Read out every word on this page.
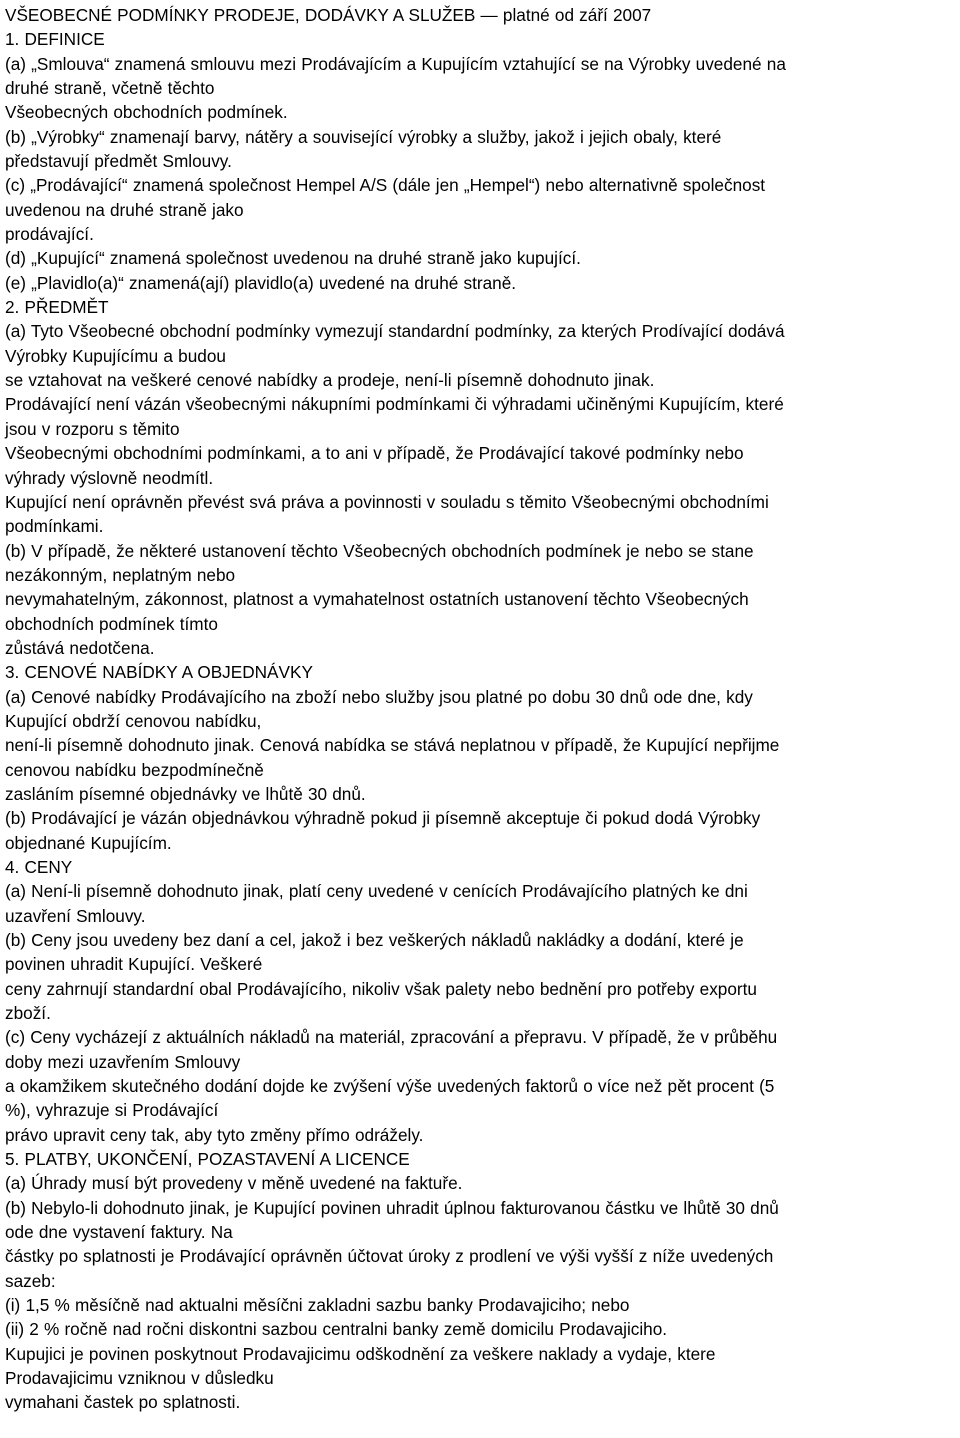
VŠEOBECNÉ PODMÍNKY PRODEJE, DODÁVKY A SLUŽEB — platné od září 2007
1. DEFINICE
(a) „Smlouva“ znamená smlouvu mezi Prodávajícím a Kupujícím vztahující se na Výrobky uvedené na
druhé straně, včetně těchto
Všeobecných obchodních podmínek.
(b) „Výrobky“ znamenají barvy, nátěry a související výrobky a služby, jakož i jejich obaly, které
představují předmět Smlouvy.
(c) „Prodávající“ znamená společnost Hempel A/S (dále jen „Hempel“) nebo alternativně společnost
uvedenou na druhé straně jako
prodávající.
(d) „Kupující“ znamená společnost uvedenou na druhé straně jako kupující.
(e) „Plavidlo(a)“ znamená(ají) plavidlo(a) uvedené na druhé straně.
2. PŘEDMĚT
(a) Tyto Všeobecné obchodní podmínky vymezují standardní podmínky, za kterých Prodívající dodává
Výrobky Kupujícímu a budou
se vztahovat na veškeré cenové nabídky a prodeje, není-li písemně dohodnuto jinak.
Prodávající není vázán všeobecnými nákupními podmínkami či výhradami učiněnými Kupujícím, které
jsou v rozporu s těmito
Všeobecnými obchodními podmínkami, a to ani v případě, že Prodávající takové podmínky nebo
výhrady výslovně neodmítl.
Kupující není oprávněn převést svá práva a povinnosti v souladu s těmito Všeobecnými obchodními
podmínkami.
(b) V případě, že některé ustanovení těchto Všeobecných obchodních podmínek je nebo se stane
nezákonným, neplatným nebo
nevymahatelným, zákonnost, platnost a vymahatelnost ostatních ustanovení těchto Všeobecných
obchodních podmínek tímto
zůstává nedotčena.
3. CENOVÉ NABÍDKY A OBJEDNÁVKY
(a) Cenové nabídky Prodávajícího na zboží nebo služby jsou platné po dobu 30 dnů ode dne, kdy
Kupující obdrží cenovou nabídku,
není-li písemně dohodnuto jinak. Cenová nabídka se stává neplatnou v případě, že Kupující nepřijme
cenovou nabídku bezpodmínečně
zasláním písemné objednávky ve lhůtě 30 dnů.
(b) Prodávající je vázán objednávkou výhradně pokud ji písemně akceptuje či pokud dodá Výrobky
objednané Kupujícím.
4. CENY
(a) Není-li písemně dohodnuto jinak, platí ceny uvedené v cenících Prodávajícího platných ke dni
uzavření Smlouvy.
(b) Ceny jsou uvedeny bez daní a cel, jakož i bez veškerých nákladů nakládky a dodání, které je
povinen uhradit Kupující. Veškeré
ceny zahrnují standardní obal Prodávajícího, nikoliv však palety nebo bednění pro potřeby exportu
zboží.
(c) Ceny vycházejí z aktuálních nákladů na materiál, zpracování a přepravu. V případě, že v průběhu
doby mezi uzavřením Smlouvy
a okamžikem skutečného dodání dojde ke zvýšení výše uvedených faktorů o více než pět procent (5
%), vyhrazuje si Prodávající
právo upravit ceny tak, aby tyto změny přímo odrážely.
5. PLATBY, UKONČENÍ, POZASTAVENÍ A LICENCE
(a) Úhrady musí být provedeny v měně uvedené na faktuře.
(b) Nebylo-li dohodnuto jinak, je Kupující povinen uhradit úplnou fakturovanou částku ve lhůtě 30 dnů
ode dne vystavení faktury. Na
částky po splatnosti je Prodávající oprávněn účtovat úroky z prodlení ve výši vyšší z níže uvedených
sazeb:
(i) 1,5 % měsíčně nad aktualni měsíčni zakladni sazbu banky Prodavajiciho; nebo
(ii) 2 % ročně nad ročni diskontni sazbou centralni banky země domicilu Prodavajiciho.
Kupujici je povinen poskytnout Prodavajicimu odškodnění za veškere naklady a vydaje, ktere
Prodavajicimu vzniknou v důsledku
vymahani častek po splatnosti.
